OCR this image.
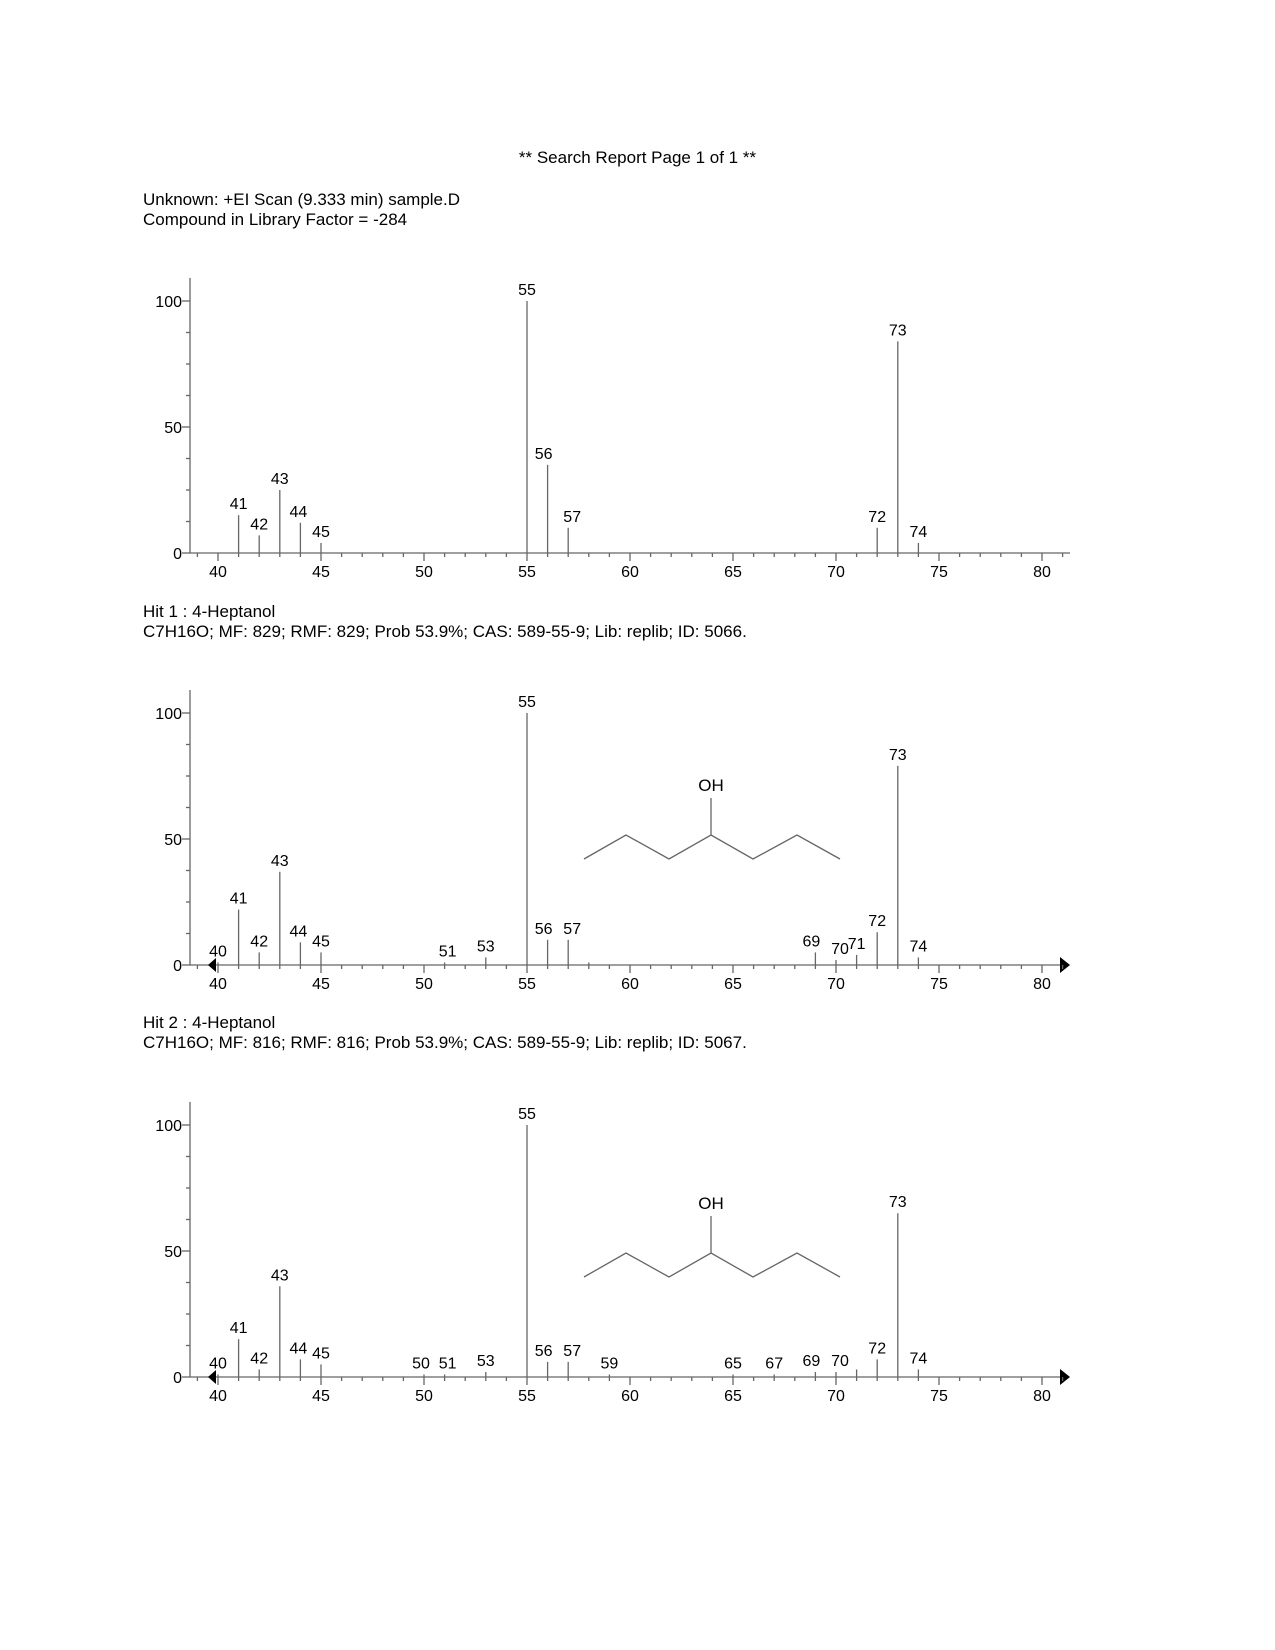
** Search Report Page 1 of 1 **
Unknown: +EI Scan (9.333 min) sample.D
Compound in Library Factor = -284
0
50
100
40	45	50	55	60	65	70	75	80
41
42
43
44
45
55
56
57	72
73
74
Hit 1 : 4-Heptanol
C7H16O; MF: 829; RMF: 829; Prob 53.9%; CAS: 589-55-9; Lib: replib; ID: 5066.
0
50
100
40	45	50	55	60	65	70	75	80
40
41
42
43
44
45
51 53
55
56 57
69 70
71
72
73
74
OH
Hit 2 : 4-Heptanol
C7H16O; MF: 816; RMF: 816; Prob 53.9%; CAS: 589-55-9; Lib: replib; ID: 5067.
0
50
100
40	45	50	55	60	65	70	75	80
40
41
42
43
44 45
50 51 53
55
56 57
59	65 67 69 70
72
73
74
OH
